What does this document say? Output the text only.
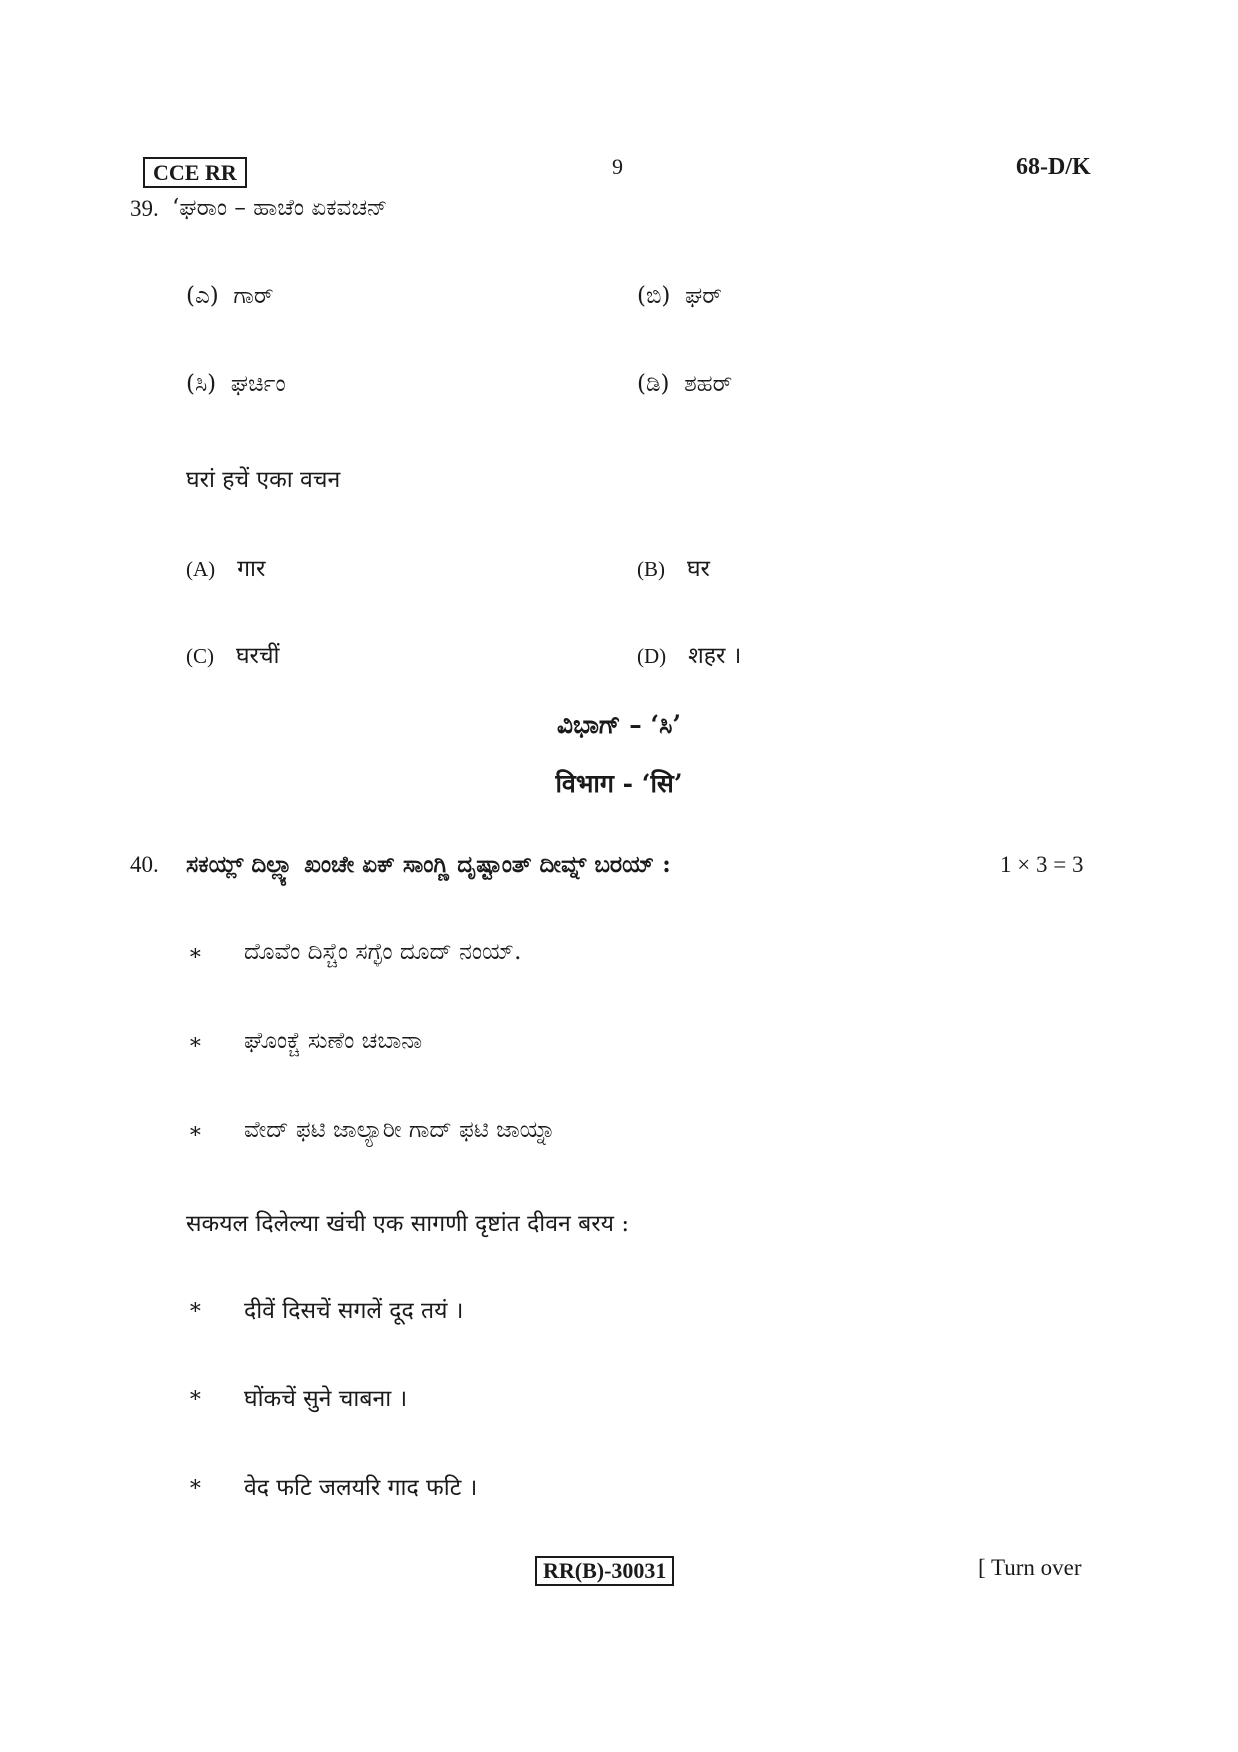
CCE RR	9	68-D/K
39. ‘ಘರಾಂ – ಹಾಚೆಂ ಏಕವಚನ್
(ಎ) ಗಾರ್	(ಬಿ) ಘರ್
(ಸಿ) ಘರ್ಚಿಂ	(ಡಿ) ಶಹರ್
घरां हचें एका वचन
(A) गार	(B) घर
(C) घरचीं	(D) शहर ।
ವಿಭಾಗ್ – ‘ಸಿ’
विभाग - ‘सि’
40. ಸಕಯ್ಲ್ ದಿಲ್ಲ್ಯಾ ಖಂಚೇ ಏಕ್ ಸಾಂಗ್ಣಿ ದೃಷ್ಟಾಂತ್ ದೀವ್ನ್ ಬರಯ್ :	1 × 3 = 3
∗ ದೊವೆಂ ದಿಸ್ಚೆಂ ಸಗ್ಳೆಂ ದೂದ್ ನಂಯ್.
∗ ಘೊಂಕ್ಚೆ ಸುಣೆಂ ಚಬಾನಾ
∗ ವೇದ್ ಫಟಿ ಜಾಲ್ಯಾರೀ ಗಾದ್ ಫಟಿ ಜಾಯ್ನಾ
सकयल दिलेल्या खंची एक सागणी दृष्टांत दीवन बरय :
∗ दीवें दिसचें सगलें दूद तयं ।
∗ घोंकचें सुने चाबना ।
∗ वेद फटि जलयरि गाद फटि ।
RR(B)-30031	[ Turn over
